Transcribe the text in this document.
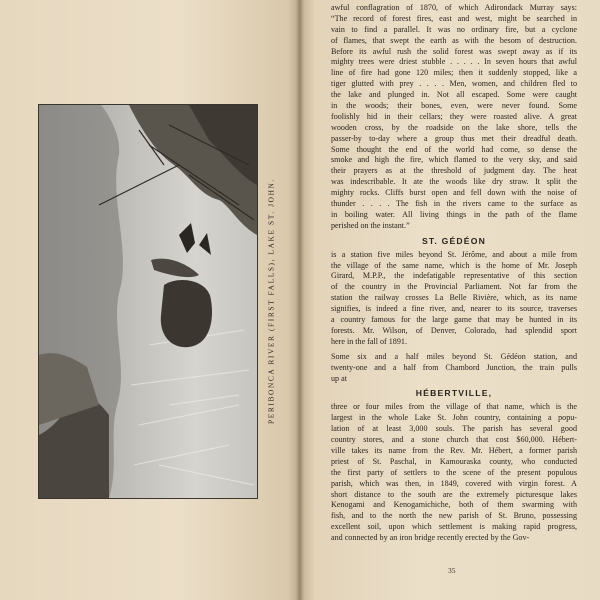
PERIBONCA RIVER (FIRST FALLS), LAKE ST. JOHN.
awful conflagration of 1870, of which Adirondack Murray says:
“The record of forest fires, east and west, might be searched in
vain to find a parallel. It was no ordinary fire, but a cyclone
of flames, that swept the earth as with the besom of destruction.
Before its awful rush the solid forest was swept away as if its
mighty trees were driest stubble . . . . . In seven hours that awful
line of fire had gone 120 miles; then it suddenly stopped, like a
tiger glutted with prey . . . . Men, women, and children fled to
the lake and plunged in. Not all escaped. Some were caught
in the woods; their bones, even, were never found. Some
foolishly hid in their cellars; they were roasted alive. A great
wooden cross, by the roadside on the lake shore, tells the
passer-by to-day where a group thus met their dreadful death.
Some thought the end of the world had come, so dense the
smoke and high the fire, which flamed to the very sky, and said
their prayers as at the threshold of judgment day. The heat
was indescribable. It ate the woods like dry straw. It split the
mighty rocks. Cliffs burst open and fell down with the noise of
thunder . . . . The fish in the rivers came to the surface as
in boiling water. All living things in the path of the flame
perished on the instant.”
ST. GÉDÉON
is a station five miles beyond St. Jérôme, and about a mile from
the village of the same name, which is the home of Mr. Joseph
Girard, M.P.P., the indefatigable representative of this section
of the country in the Provincial Parliament. Not far from the
station the railway crosses La Belle Rivière, which, as its name
signifies, is indeed a fine river, and, nearer to its source, traverses
a country famous for the large game that may be hunted in its
forests. Mr. Wilson, of Denver, Colorado, had splendid sport
here in the fall of 1891.
Some six and a half miles beyond St. Gédéon station, and
twenty-one and a half from Chambord Junction, the train pulls
up at
HÉBERTVILLE,
three or four miles from the village of that name, which is the
largest in the whole Lake St. John country, containing a popu-
lation of at least 3,000 souls. The parish has several good
country stores, and a stone church that cost $60,000. Hébert-
ville takes its name from the Rev. Mr. Hébert, a former parish
priest of St. Paschal, in Kamouraska county, who conducted
the first party of settlers to the scene of the present populous
parish, which was then, in 1849, covered with virgin forest. A
short distance to the south are the extremely picturesque lakes
Kenogami and Kenogamichiche, both of them swarming with
fish, and to the north the new parish of St. Bruno, possessing
excellent soil, upon which settlement is making rapid progress,
and connected by an iron bridge recently erected by the Gov-
35
